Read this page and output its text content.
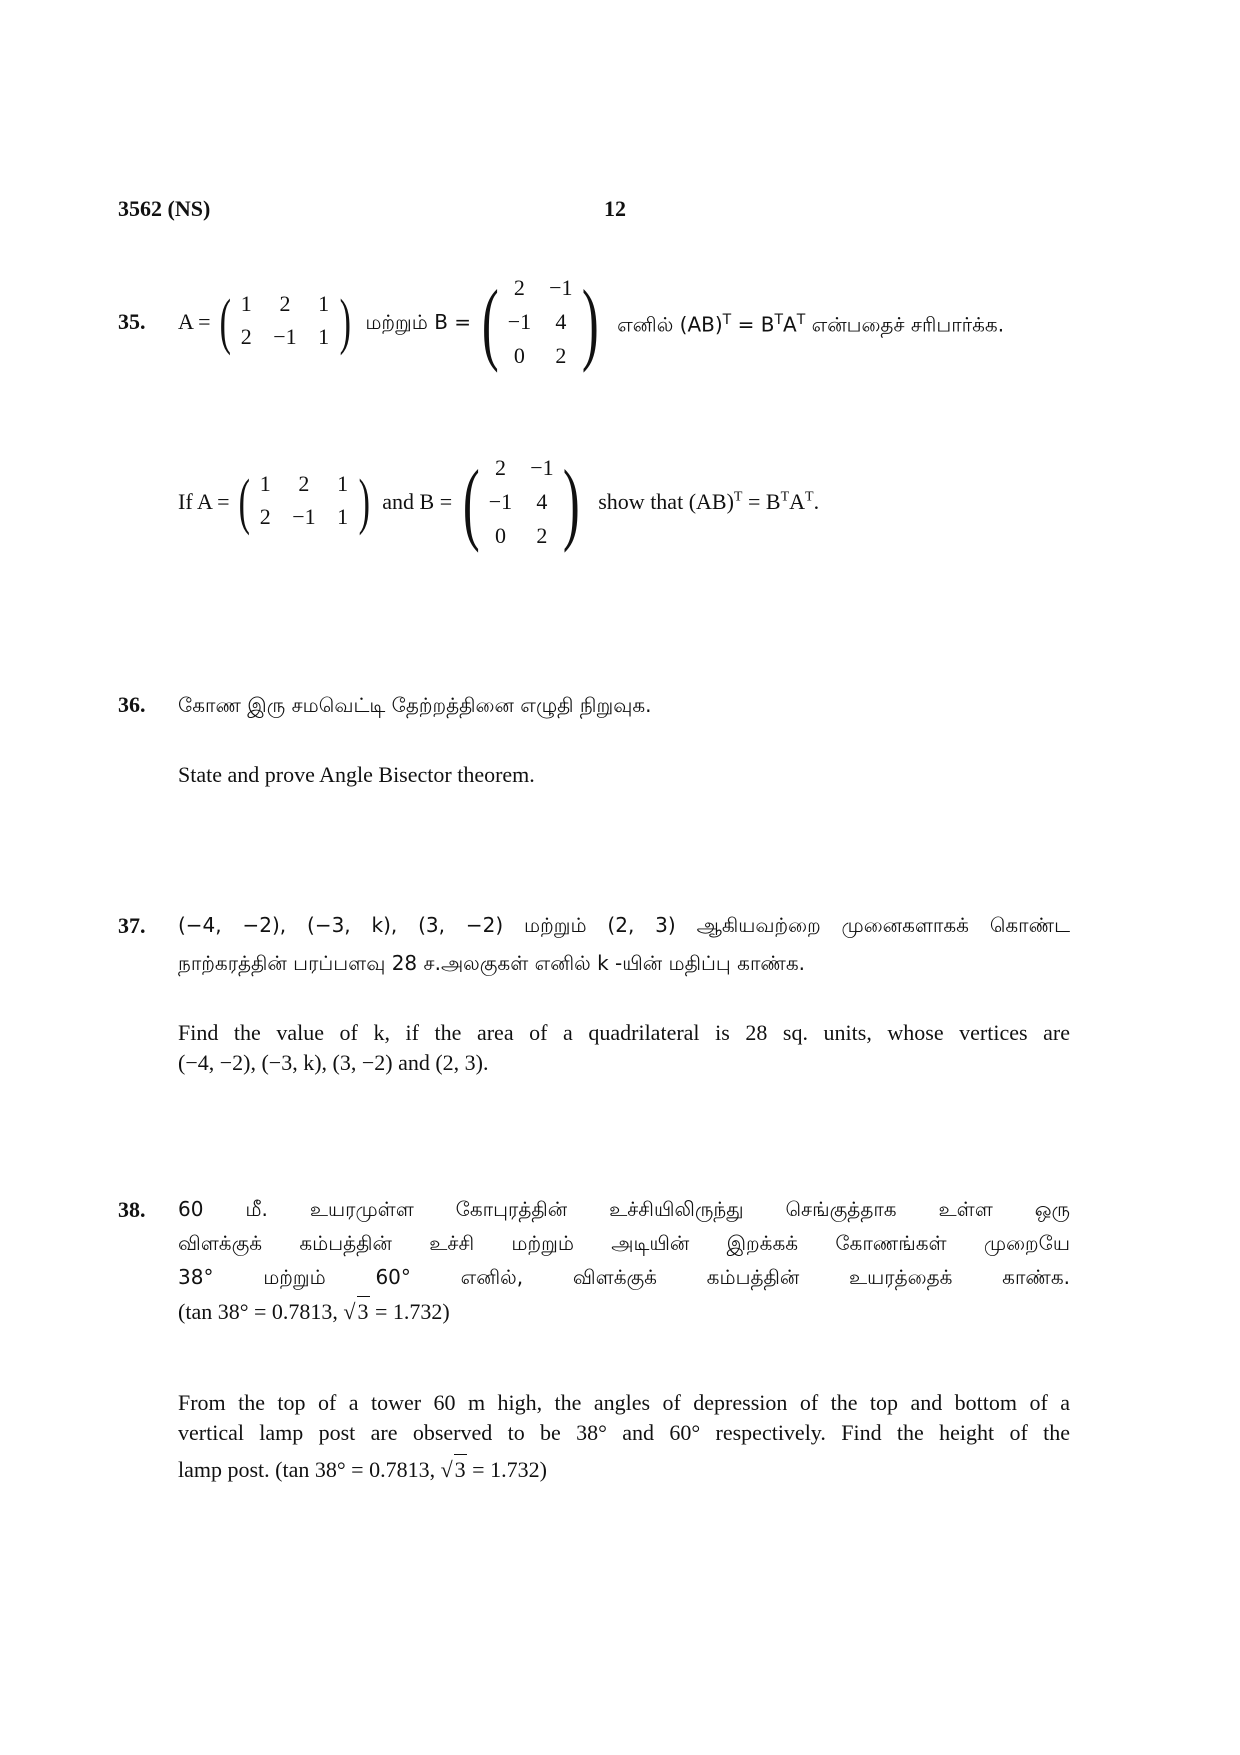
3562 (NS)	12
35. A = ( 1 2 1
2 −1 1 ) மற்றும் B = ( 2 −1
−1 4
0 2 ) எனில் $(AB)^T = B^TA^T$ என்பதைச் சரிபார்க்க.
If A = ( 1 2 1
2 −1 1 ) and B = ( 2 −1
−1 4
0 2 ) show that $(AB)^T = B^TA^T$.
36. கோண இரு சமவெட்டி தேற்றத்தினை எழுதி நிறுவுக.
State and prove Angle Bisector theorem.
37. (−4, −2), (−3, k), (3, −2) மற்றும் (2, 3) ஆகியவற்றை முனைகளாகக் கொண்ட
நாற்கரத்தின் பரப்பளவு 28 ச.அலகுகள் எனில் k -யின் மதிப்பு காண்க.
Find the value of k, if the area of a quadrilateral is 28 sq. units, whose vertices are
(−4, −2), (−3, k), (3, −2) and (2, 3).
38. 60 மீ. உயரமுள்ள கோபுரத்தின் உச்சியிலிருந்து செங்குத்தாக உள்ள ஒரு
விளக்குக் கம்பத்தின் உச்சி மற்றும் அடியின் இறக்கக் கோணங்கள் முறையே
38° மற்றும் 60° எனில், விளக்குக் கம்பத்தின் உயரத்தைக் காண்க.
(tan 38° = 0.7813, √3 = 1.732)
From the top of a tower 60 m high, the angles of depression of the top and bottom of a
vertical lamp post are observed to be 38° and 60° respectively. Find the height of the
lamp post. (tan 38° = 0.7813, √3 = 1.732)
